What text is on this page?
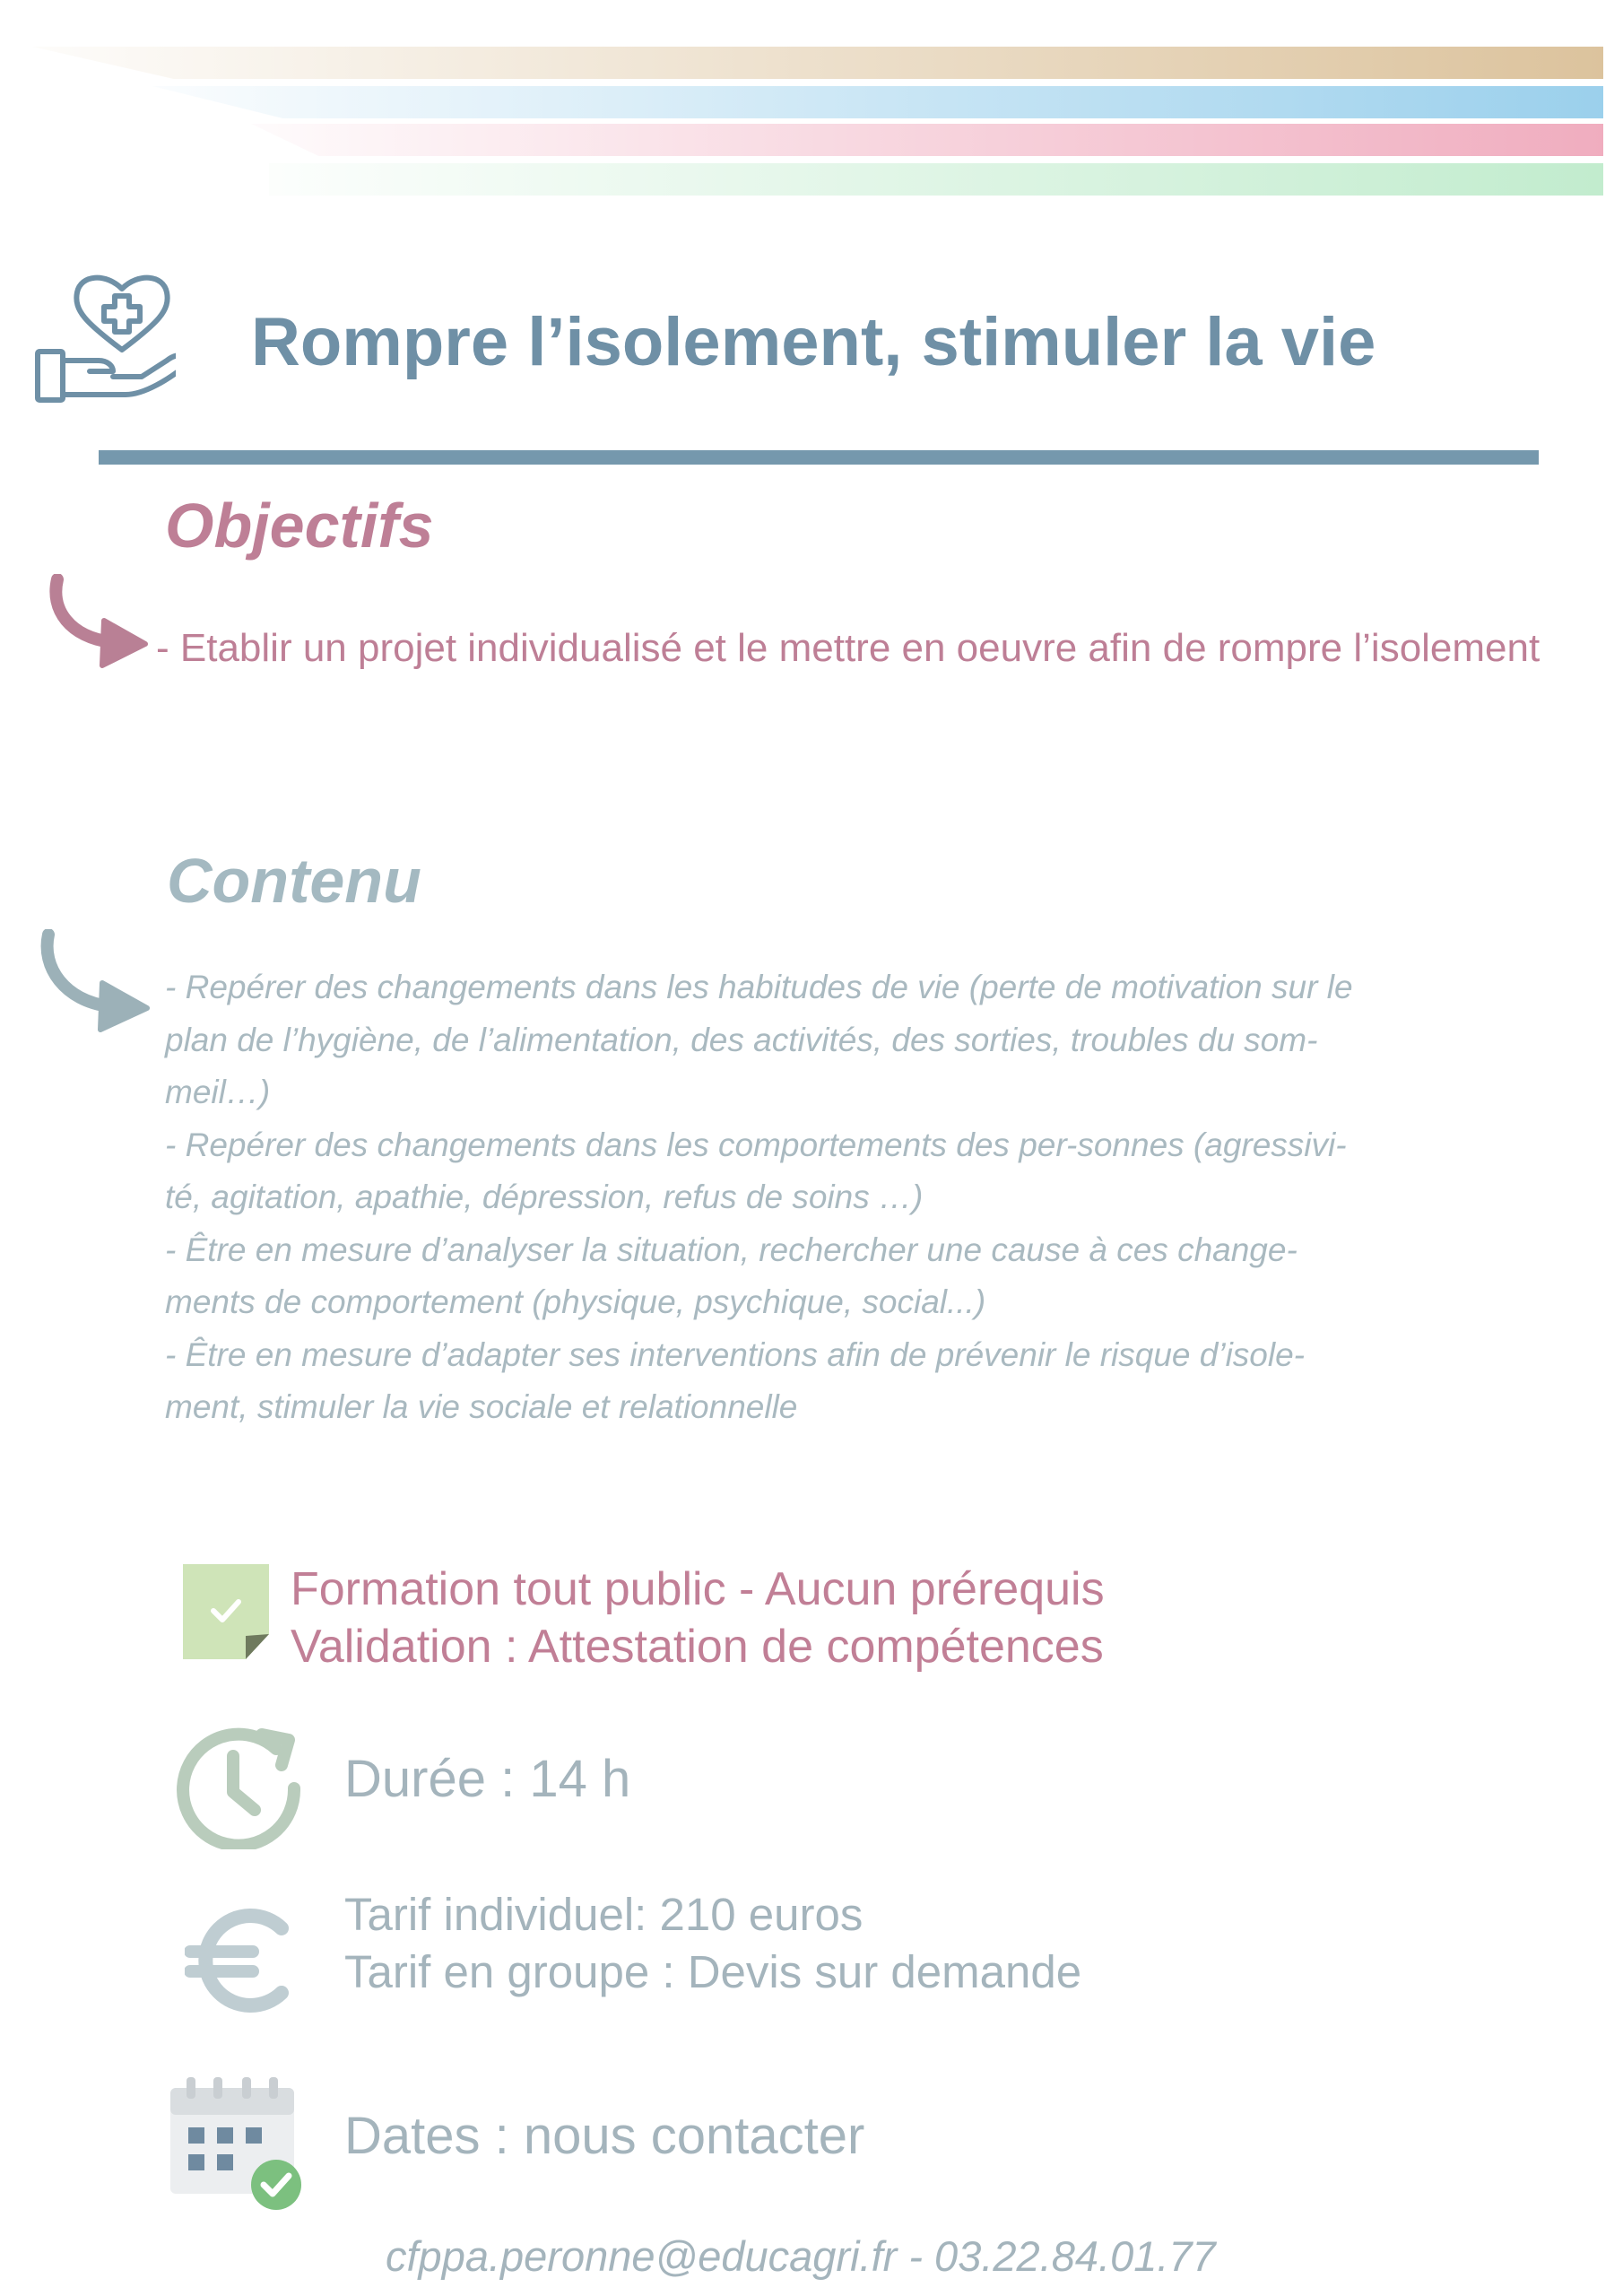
Rompre l’isolement, stimuler la vie
Objectifs
- Etablir un projet individualisé et le mettre en oeuvre afin de rompre l’isolement
Contenu
- Repérer des changements dans les habitudes de vie (perte de motivation sur le
plan de l’hygiène, de l’alimentation, des activités, des sorties, troubles du som-
meil…)
- Repérer des changements dans les comportements des per-sonnes (agressivi-
té, agitation, apathie, dépression, refus de soins …)
- Être en mesure d’analyser la situation, rechercher une cause à ces change-
ments de comportement (physique, psychique, social...)
- Être en mesure d’adapter ses interventions afin de prévenir le risque d’isole-
ment, stimuler la vie sociale et relationnelle
Formation tout public - Aucun prérequis
Validation : Attestation de compétences
Durée : 14 h
Tarif individuel: 210 euros
Tarif en groupe : Devis sur demande
Dates : nous contacter
cfppa.peronne@educagri.fr - 03.22.84.01.77
